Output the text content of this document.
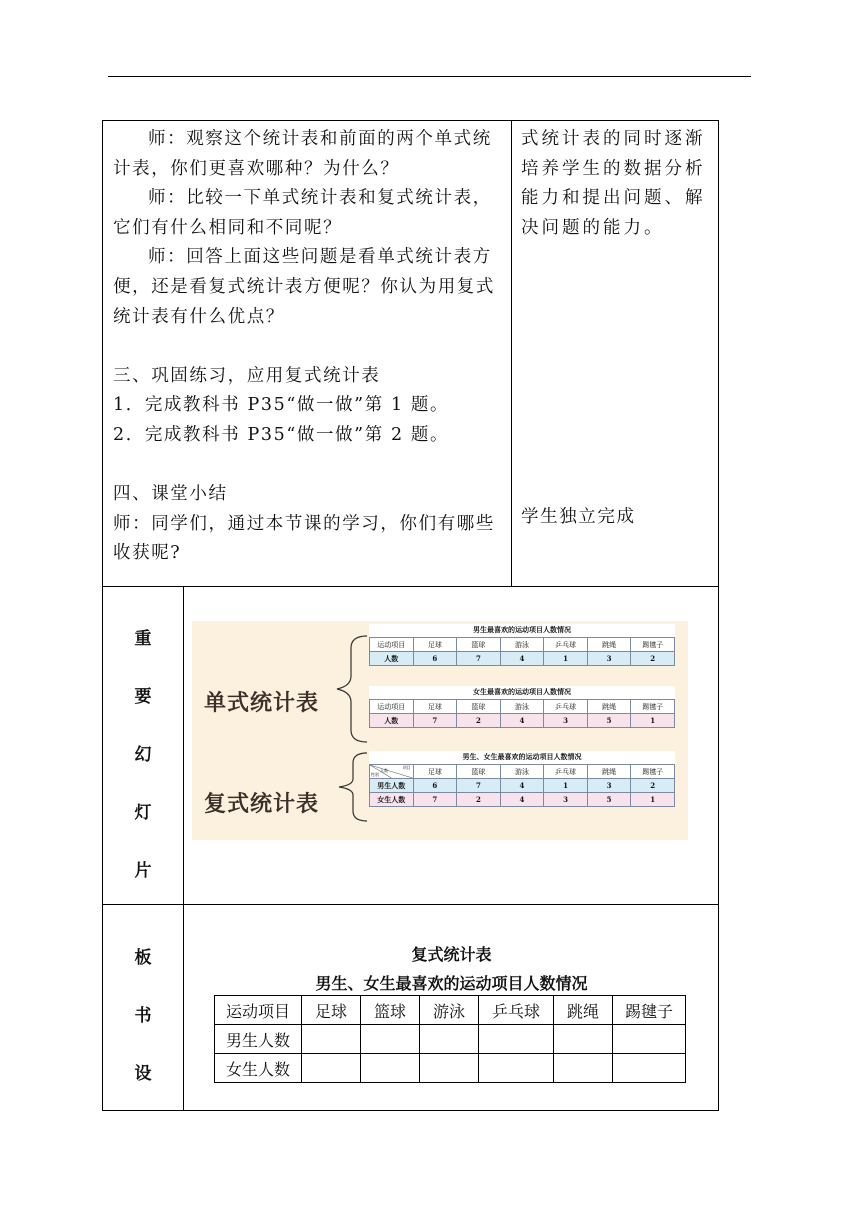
师：观察这个统计表和前面的两个单式统计表，你们更喜欢哪种？为什么？
师：比较一下单式统计表和复式统计表，它们有什么相同和不同呢？
师：回答上面这些问题是看单式统计表方便，还是看复式统计表方便呢？你认为用复式统计表有什么优点？
三、巩固练习，应用复式统计表
1．完成教科书 P35“做一做”第 1 题。
2．完成教科书 P35“做一做”第 2 题。
四、课堂小结
师：同学们，通过本节课的学习，你们有哪些收获呢?
式统计表的同时逐渐培养学生的数据分析能力和提出问题、解决问题的能力。
学生独立完成
重
要
幻
灯
片
单式统计表
复式统计表
男生最喜欢的运动项目人数情况
运动项目	足球	篮球	游泳	乒乓球	跳绳	踢毽子
人数	6	7	4	1	3	2
女生最喜欢的运动项目人数情况
运动项目	足球	篮球	游泳	乒乓球	跳绳	踢毽子
人数	7	2	4	3	5	1
男生、女生最喜欢的运动项目人数情况
项目
人数
性别	足球	篮球	游泳	乒乓球	跳绳	踢毽子
男生人数	6	7	4	1	3	2
女生人数	7	2	4	3	5	1
板
书
设
复式统计表
男生、女生最喜欢的运动项目人数情况
运动项目	足球	篮球	游泳	乒乓球	跳绳	踢毽子
男生人数						
女生人数						
